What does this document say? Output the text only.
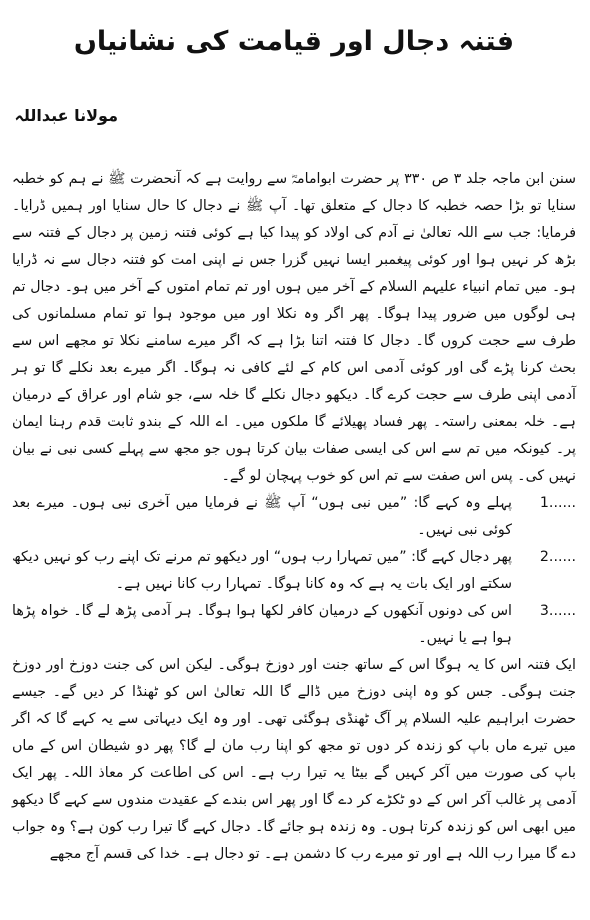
فتنہ دجال اور قیامت کی نشانیاں
مولانا عبداللہ

سنن ابن ماجہ جلد ۳ ص ۳۳۰ پر حضرت ابوامامہؓ سے روایت ہے کہ آنحضرت ﷺ نے ہم کو خطبہ سنایا تو بڑا حصہ خطبہ کا دجال کے متعلق تھا۔ آپ ﷺ نے دجال کا حال سنایا اور ہمیں ڈرایا۔ فرمایا: جب سے اللہ تعالیٰ نے آدم کی اولاد کو پیدا کیا ہے کوئی فتنہ زمین پر دجال کے فتنہ سے بڑھ کر نہیں ہوا اور کوئی پیغمبر ایسا نہیں گزرا جس نے اپنی امت کو فتنہ دجال سے نہ ڈرایا ہو۔ میں تمام انبیاء علیہم السلام کے آخر میں ہوں اور تم تمام امتوں کے آخر میں ہو۔ دجال تم ہی لوگوں میں ضرور پیدا ہوگا۔ پھر اگر وہ نکلا اور میں موجود ہوا تو تمام مسلمانوں کی طرف سے حجت کروں گا۔ دجال کا فتنہ اتنا بڑا ہے کہ اگر میرے سامنے نکلا تو مجھے اس سے بحث کرنا پڑے گی اور کوئی آدمی اس کام کے لئے کافی نہ ہوگا۔ اگر میرے بعد نکلے گا تو ہر آدمی اپنی طرف سے حجت کرے گا۔ دیکھو دجال نکلے گا خلہ سے، جو شام اور عراق کے درمیان ہے۔ خلہ بمعنی راستہ۔ پھر فساد پھیلائے گا ملکوں میں۔ اے اللہ کے بندو ثابت قدم رہنا ایمان پر۔ کیونکہ میں تم سے اس کی ایسی صفات بیان کرتا ہوں جو مجھ سے پہلے کسی نبی نے بیان نہیں کی۔ پس اس صفت سے تم اس کو خوب پہچان لو گے۔

1......
پہلے وہ کہے گا: ”میں نبی ہوں“ آپ ﷺ نے فرمایا میں آخری نبی ہوں۔ میرے بعد کوئی نبی نہیں۔
2......
پھر دجال کہے گا: ”میں تمہارا رب ہوں“ اور دیکھو تم مرنے تک اپنے رب کو نہیں دیکھ سکتے اور ایک بات یہ ہے کہ وہ کانا ہوگا۔ تمہارا رب کانا نہیں ہے۔
3......
اس کی دونوں آنکھوں کے درمیان کافر لکھا ہوا ہوگا۔ ہر آدمی پڑھ لے گا۔ خواہ پڑھا ہوا ہے یا نہیں۔

ایک فتنہ اس کا یہ ہوگا اس کے ساتھ جنت اور دوزخ ہوگی۔ لیکن اس کی جنت دوزخ اور دوزخ جنت ہوگی۔ جس کو وہ اپنی دوزخ میں ڈالے گا اللہ تعالیٰ اس کو ٹھنڈا کر دیں گے۔ جیسے حضرت ابراہیم علیہ السلام پر آگ ٹھنڈی ہوگئی تھی۔ اور وہ ایک دیہاتی سے یہ کہے گا کہ اگر میں تیرے ماں باپ کو زندہ کر دوں تو مجھ کو اپنا رب مان لے گا؟ پھر دو شیطان اس کے ماں باپ کی صورت میں آکر کہیں گے بیٹا یہ تیرا رب ہے۔ اس کی اطاعت کر معاذ اللہ۔ پھر ایک آدمی پر غالب آکر اس کے دو ٹکڑے کر دے گا اور پھر اس بندے کے عقیدت مندوں سے کہے گا دیکھو میں ابھی اس کو زندہ کرتا ہوں۔ وہ زندہ ہو جائے گا۔ دجال کہے گا تیرا رب کون ہے؟ وہ جواب دے گا میرا رب اللہ ہے اور تو میرے رب کا دشمن ہے۔ تو دجال ہے۔ خدا کی قسم آج مجھے
